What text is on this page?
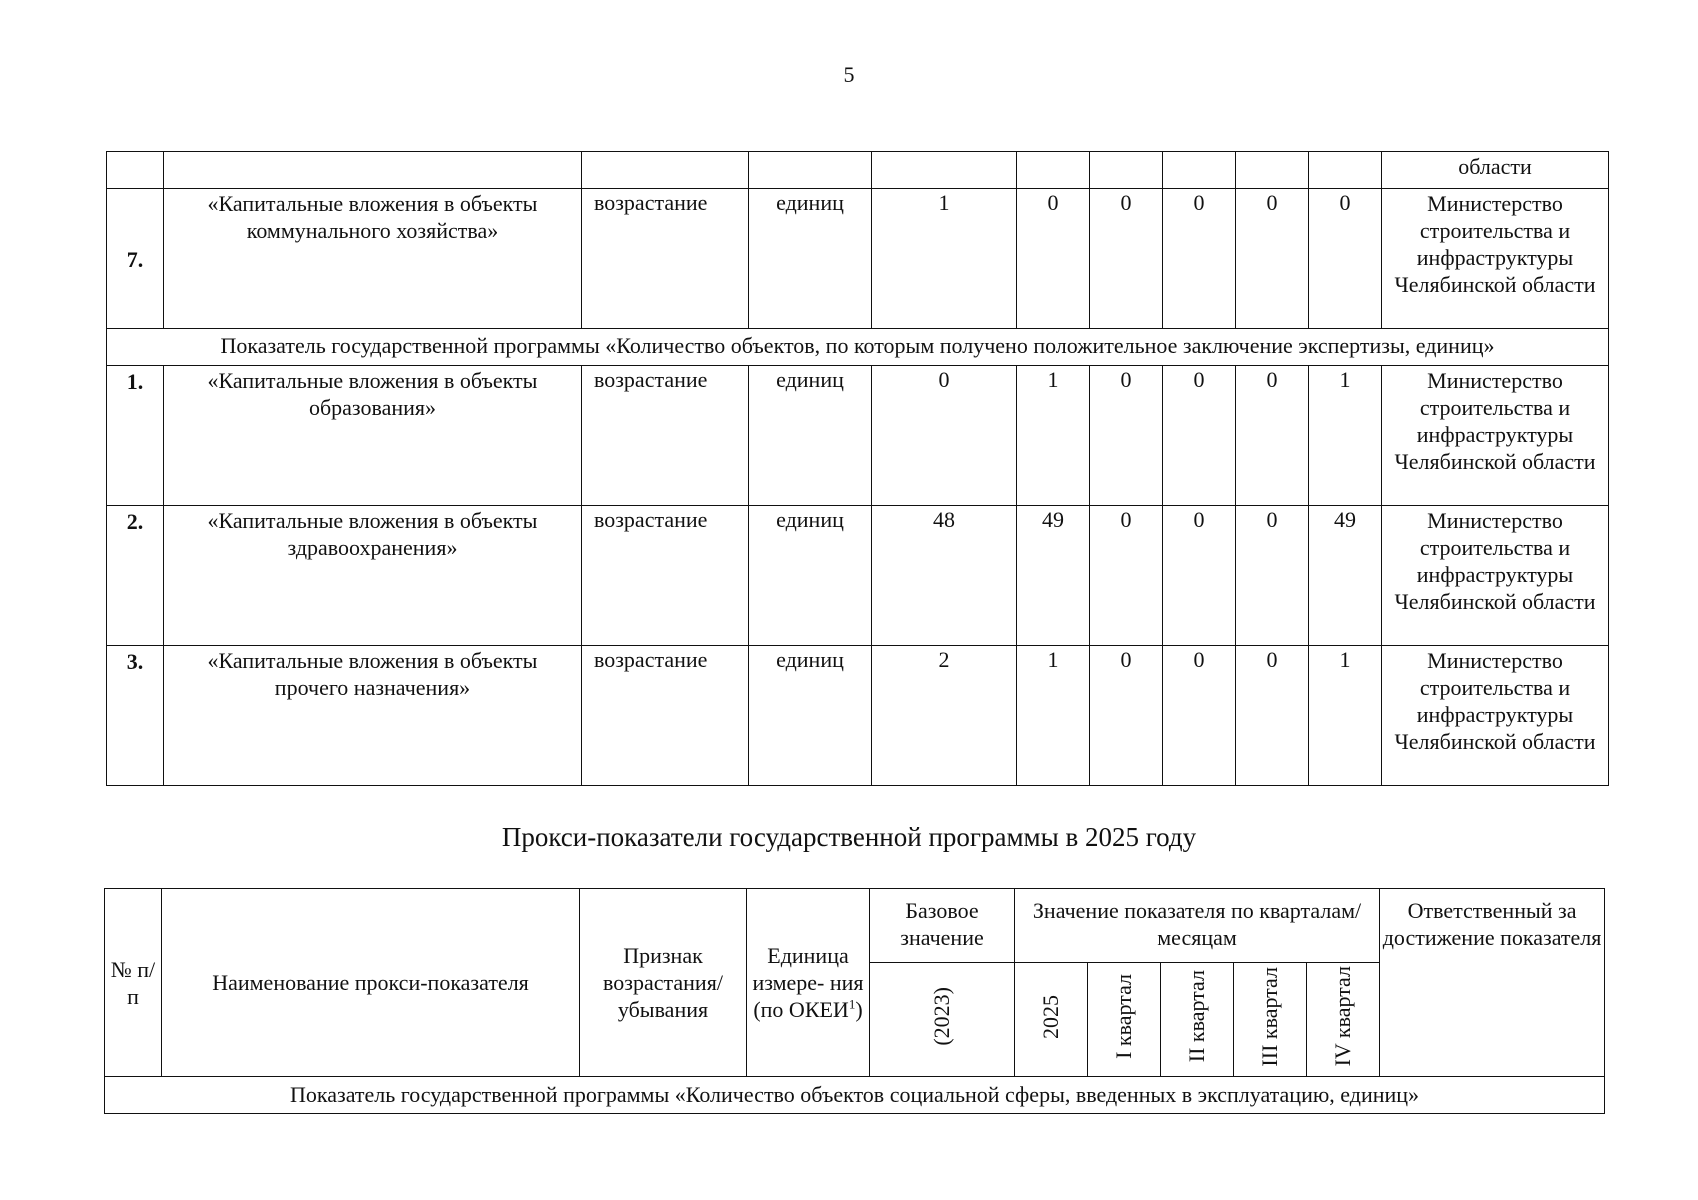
5
										области
7.	«Капитальные вложения в объекты коммунального хозяйства»	возрастание	единиц	1	0	0	0	0	0	Министерство строительства и инфраструктуры Челябинской области
Показатель государственной программы «Количество объектов, по которым получено положительное заключение экспертизы, единиц»										
1.	«Капитальные вложения в объекты образования»	возрастание	единиц	0	1	0	0	0	1	Министерство строительства и инфраструктуры Челябинской области
2.	«Капитальные вложения в объекты здравоохранения»	возрастание	единиц	48	49	0	0	0	49	Министерство строительства и инфраструктуры Челябинской области
3.	«Капитальные вложения в объекты прочего назначения»	возрастание	единиц	2	1	0	0	0	1	Министерство строительства и инфраструктуры Челябинской области
Прокси-показатели государственной программы в 2025 году
№ п/п	Наименование прокси-показателя	Признак возрастания/ убывания	Единица измере- ния (по ОКЕИ$^1$)	Базовое значение	Значение показателя по кварталам/месяцам					Ответственный за достижение показателя
				(2023)	2025	I квартал	II квартал	III квартал	IV квартал	
Показатель государственной программы «Количество объектов социальной сферы, введенных в эксплуатацию, единиц»										
